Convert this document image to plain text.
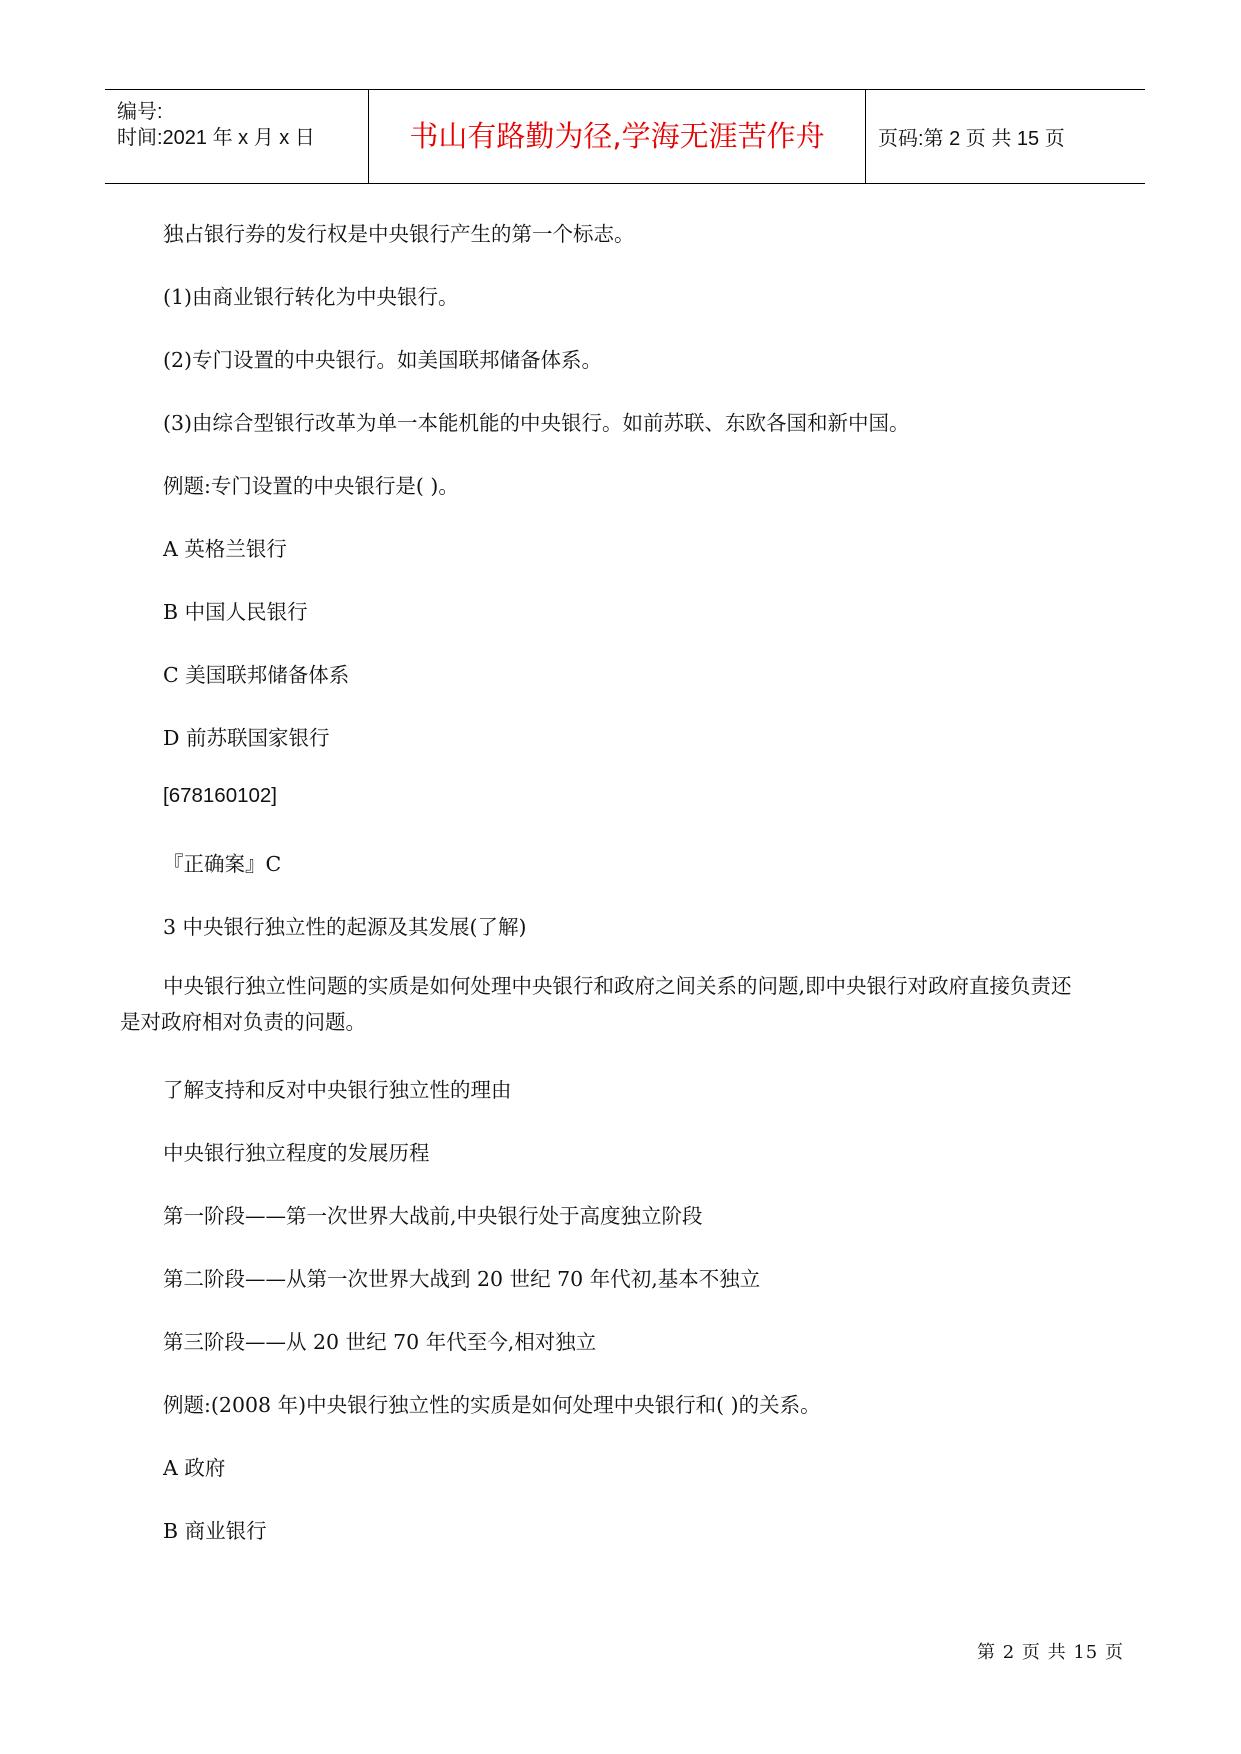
编号:
时间:2021 年 x 月 x 日	书山有路勤为径,学海无涯苦作舟	页码:第 2 页 共 15 页
独占银行券的发行权是中央银行产生的第一个标志。
(1)由商业银行转化为中央银行。
(2)专门设置的中央银行。如美国联邦储备体系。
(3)由综合型银行改革为单一本能机能的中央银行。如前苏联、东欧各国和新中国。
例题:专门设置的中央银行是( )。
A 英格兰银行
B 中国人民银行
C 美国联邦储备体系
D 前苏联国家银行
[678160102]
『正确案』C
3 中央银行独立性的起源及其发展(了解)
中央银行独立性问题的实质是如何处理中央银行和政府之间关系的问题,即中央银行对政府直接负责还是对政府相对负责的问题。
了解支持和反对中央银行独立性的理由
中央银行独立程度的发展历程
第一阶段——第一次世界大战前,中央银行处于高度独立阶段
第二阶段——从第一次世界大战到 20 世纪 70 年代初,基本不独立
第三阶段——从 20 世纪 70 年代至今,相对独立
例题:(2008 年)中央银行独立性的实质是如何处理中央银行和( )的关系。
A 政府
B 商业银行
第 2 页 共 15 页
